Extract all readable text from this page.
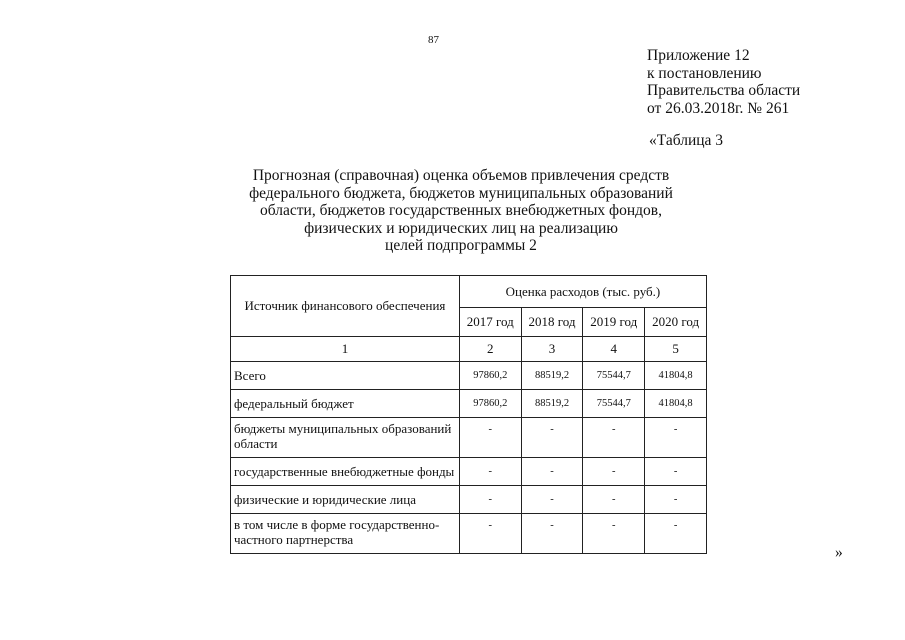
87
Приложение 12
к постановлению
Правительства области
от 26.03.2018г. № 261
«Таблица 3
Прогнозная (справочная) оценка объемов привлечения средств
федерального бюджета, бюджетов муниципальных образований
области, бюджетов государственных внебюджетных фондов,
физических и юридических лиц на реализацию
целей подпрограммы 2
Источник финансового обеспечения	Оценка расходов (тыс. руб.)			
	2017 год	2018 год	2019 год	2020 год
1	2	3	4	5
Всего	97860,2	88519,2	75544,7	41804,8
федеральный бюджет	97860,2	88519,2	75544,7	41804,8
бюджеты муниципальных образований области	-	-	-	-
государственные внебюджетные фонды	-	-	-	-
физические и юридические лица	-	-	-	-
в том числе в форме государственно-частного партнерства	-	-	-	-
»
